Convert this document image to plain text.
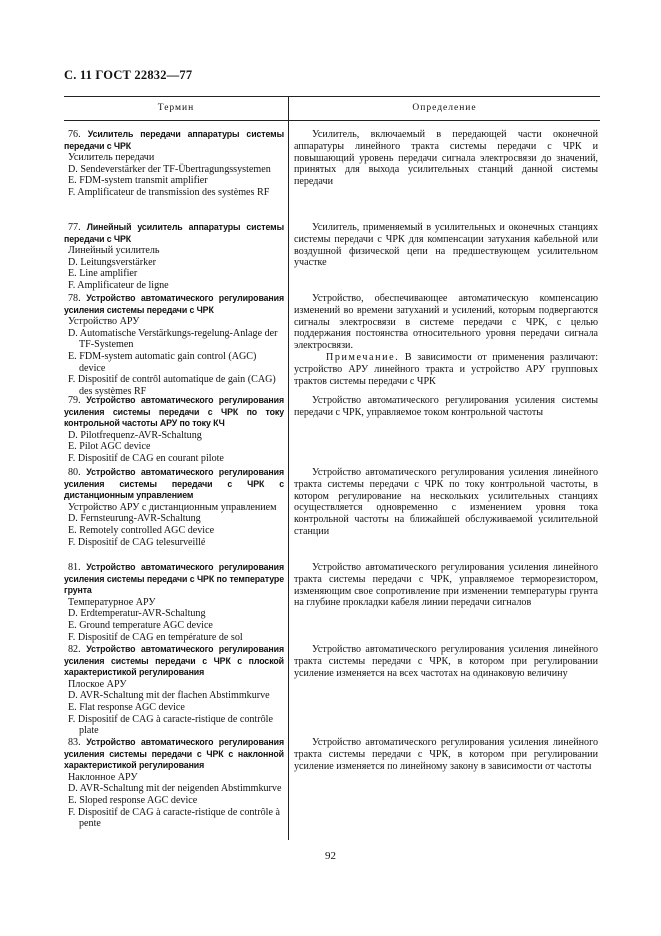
С. 11 ГОСТ 22832—77
Термин	Определение
76. Усилитель передачи аппаратуры системы передачи с ЧРК
Усилитель передачи
D. Sendeverstärker der TF-Übertragungssystemen
E. FDM-system transmit amplifier
F. Amplificateur de transmission des systèmes RF
Усилитель, включаемый в передающей части оконечной аппаратуры линейного тракта системы передачи с ЧРК и повышающий уровень передачи сигнала электросвязи до значений, принятых для выхода усилительных станций данной системы передачи
77. Линейный усилитель аппаратуры системы передачи с ЧРК
Линейный усилитель
D. Leitungsverstärker
E. Line amplifier
F. Amplificateur de ligne
Усилитель, применяемый в усилительных и оконечных станциях системы передачи с ЧРК для компенсации затухания кабельной или воздушной физической цепи на предшествующем усилительном участке
78. Устройство автоматического регулирования усиления системы передачи с ЧРК
Устройство АРУ
D. Automatische Verstärkungs-regelung-Anlage der TF-Systemen
E. FDM-system automatic gain control (AGC) device
F. Dispositif de contrôl automatique de gain (CAG) des systèmes RF
Устройство, обеспечивающее автоматическую компенсацию изменений во времени затуханий и усилений, которым подвергаются сигналы электросвязи в системе передачи с ЧРК, с целью поддержания постоянства относительного уровня передачи сигнала электросвязи.
Примечание. В зависимости от применения различают: устройство АРУ линейного тракта и устройство АРУ групповых трактов системы передачи с ЧРК
79. Устройство автоматического регулирования усиления системы передачи с ЧРК по току контрольной частоты АРУ по току КЧ
D. Pilotfrequenz-AVR-Schaltung
E. Pilot AGC device
F. Dispositif de CAG en courant pilote
Устройство автоматического регулирования усиления системы передачи с ЧРК, управляемое током контрольной частоты
80. Устройство автоматического регулирования усиления системы передачи с ЧРК с дистанционным управлением
Устройство АРУ с дистанционным управлением
D. Fernsteurung-AVR-Schaltung
E. Remotely controlled AGC device
F. Dispositif de CAG telesurveillé
Устройство автоматического регулирования усиления линейного тракта системы передачи с ЧРК по току контрольной частоты, в котором регулирование на нескольких усилительных станциях осуществляется одновременно с изменением уровня тока контрольной частоты на ближайшей обслуживаемой усилительной станции
81. Устройство автоматического регулирования усиления системы передачи с ЧРК по температуре грунта
Температурное АРУ
D. Erdtemperatur-AVR-Schaltung
E. Ground temperature AGC device
F. Dispositif de CAG en température de sol
Устройство автоматического регулирования усиления линейного тракта системы передачи с ЧРК, управляемое терморезистором, изменяющим свое сопротивление при изменении температуры грунта на глубине прокладки кабеля линии передачи сигналов
82. Устройство автоматического регулирования усиления системы передачи с ЧРК с плоской характеристикой регулирования
Плоское АРУ
D. AVR-Schaltung mit der flachen Abstimmkurve
E. Flat response AGC device
F. Dispositif de CAG à caracte-ristique de contrôle plate
Устройство автоматического регулирования усиления линейного тракта системы передачи с ЧРК, в котором при регулировании усиление изменяется на всех частотах на одинаковую величину
83. Устройство автоматического регулирования усиления системы передачи с ЧРК с наклонной характеристикой регулирования
Наклонное АРУ
D. AVR-Schaltung mit der neigenden Abstimmkurve
E. Sloped response AGC device
F. Dispositif de CAG à caracte-ristique de contrôle à pente
Устройство автоматического регулирования усиления линейного тракта системы передачи с ЧРК, в котором при регулировании усиление изменяется по линейному закону в зависимости от частоты
92
